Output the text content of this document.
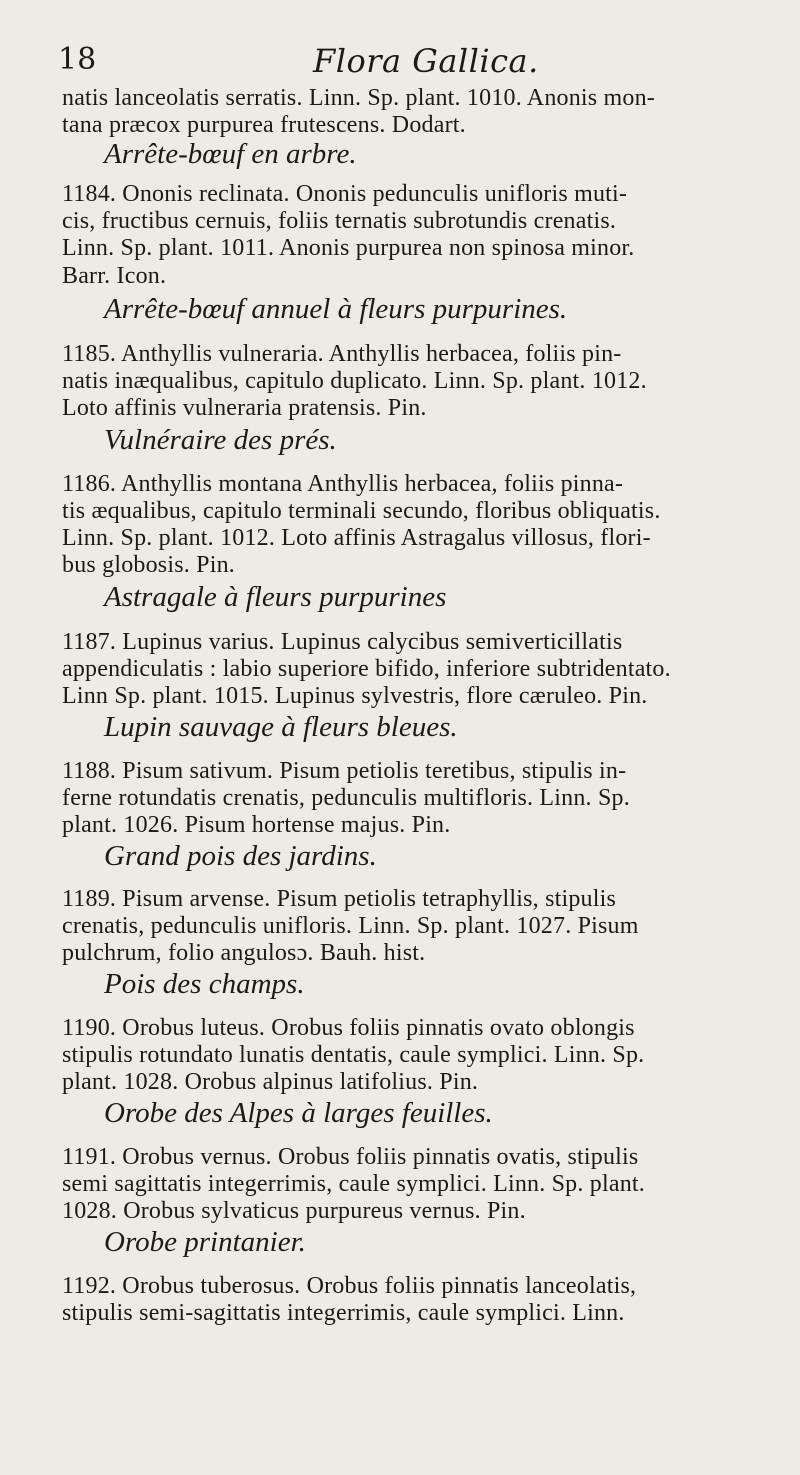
18	Flora Gallica.
natis lanceolatis serratis. Linn. Sp. plant. 1010. Anonis mon-
tana præcox purpurea frutescens. Dodart.
Arrête-bœuf en arbre.
1184. Ononis reclinata. Ononis pedunculis unifloris muti-
cis, fructibus cernuis, foliis ternatis subrotundis crenatis.
Linn. Sp. plant. 1011. Anonis purpurea non spinosa minor.
Barr. Icon.
Arrête-bœuf annuel à fleurs purpurines.
1185. Anthyllis vulneraria. Anthyllis herbacea, foliis pin-
natis inæqualibus, capitulo duplicato. Linn. Sp. plant. 1012.
Loto affinis vulneraria pratensis. Pin.
Vulnéraire des prés.
1186. Anthyllis montana Anthyllis herbacea, foliis pinna-
tis æqualibus, capitulo terminali secundo, floribus obliquatis.
Linn. Sp. plant. 1012. Loto affinis Astragalus villosus, flori-
bus globosis. Pin.
Astragale à fleurs purpurines
1187. Lupinus varius. Lupinus calycibus semiverticillatis
appendiculatis : labio superiore bifido, inferiore subtridentato.
Linn Sp. plant. 1015. Lupinus sylvestris, flore cæruleo. Pin.
Lupin sauvage à fleurs bleues.
1188. Pisum sativum. Pisum petiolis teretibus, stipulis in-
ferne rotundatis crenatis, pedunculis multifloris. Linn. Sp.
plant. 1026. Pisum hortense majus. Pin.
Grand pois des jardins.
1189. Pisum arvense. Pisum petiolis tetraphyllis, stipulis
crenatis, pedunculis unifloris. Linn. Sp. plant. 1027. Pisum
pulchrum, folio angulosɔ. Bauh. hist.
Pois des champs.
1190. Orobus luteus. Orobus foliis pinnatis ovato oblongis
stipulis rotundato lunatis dentatis, caule symplici. Linn. Sp.
plant. 1028. Orobus alpinus latifolius. Pin.
Orobe des Alpes à larges feuilles.
1191. Orobus vernus. Orobus foliis pinnatis ovatis, stipulis
semi sagittatis integerrimis, caule symplici. Linn. Sp. plant.
1028. Orobus sylvaticus purpureus vernus. Pin.
Orobe printanier.
1192. Orobus tuberosus. Orobus foliis pinnatis lanceolatis,
stipulis semi-sagittatis integerrimis, caule symplici. Linn.
